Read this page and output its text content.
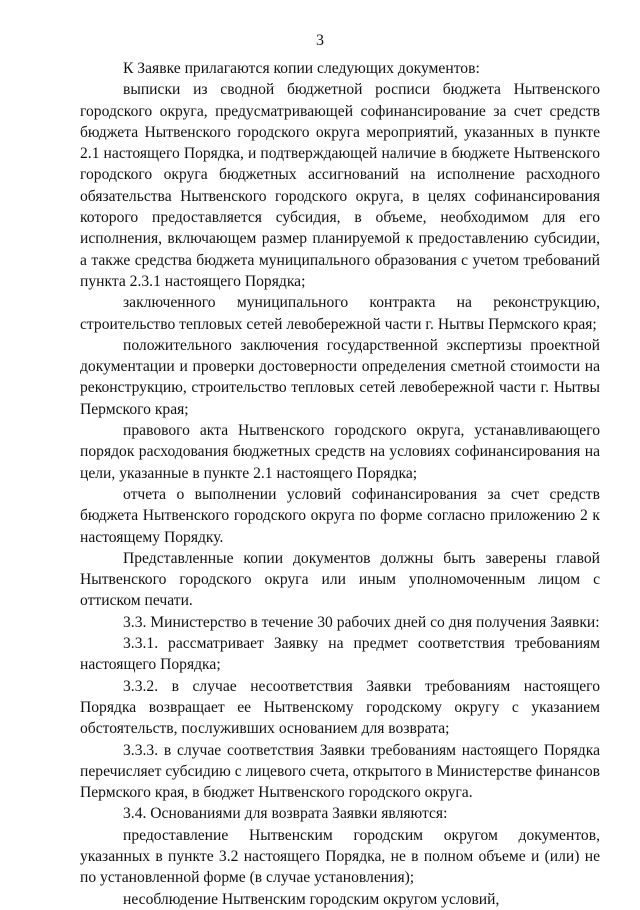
3

К Заявке прилагаются копии следующих документов:

выписки из сводной бюджетной росписи бюджета Нытвенского городского округа, предусматривающей софинансирование за счет средств бюджета Нытвенского городского округа мероприятий, указанных в пункте 2.1 настоящего Порядка, и подтверждающей наличие в бюджете Нытвенского городского округа бюджетных ассигнований на исполнение расходного обязательства Нытвенского городского округа, в целях софинансирования которого предоставляется субсидия, в объеме, необходимом для его исполнения, включающем размер планируемой к предоставлению субсидии, а также средства бюджета муниципального образования с учетом требований пункта 2.3.1 настоящего Порядка;

заключенного муниципального контракта на реконструкцию, строительство тепловых сетей левобережной части г. Нытвы Пермского края;

положительного заключения государственной экспертизы проектной документации и проверки достоверности определения сметной стоимости на реконструкцию, строительство тепловых сетей левобережной части г. Нытвы Пермского края;

правового акта Нытвенского городского округа, устанавливающего порядок расходования бюджетных средств на условиях софинансирования на цели, указанные в пункте 2.1 настоящего Порядка;

отчета о выполнении условий софинансирования за счет средств бюджета Нытвенского городского округа по форме согласно приложению 2 к настоящему Порядку.

Представленные копии документов должны быть заверены главой Нытвенского городского округа или иным уполномоченным лицом с оттиском печати.

3.3. Министерство в течение 30 рабочих дней со дня получения Заявки:

3.3.1. рассматривает Заявку на предмет соответствия требованиям настоящего Порядка;

3.3.2. в случае несоответствия Заявки требованиям настоящего Порядка возвращает ее Нытвенскому городскому округу с указанием обстоятельств, послуживших основанием для возврата;

3.3.3. в случае соответствия Заявки требованиям настоящего Порядка перечисляет субсидию с лицевого счета, открытого в Министерстве финансов Пермского края, в бюджет Нытвенского городского округа.

3.4. Основаниями для возврата Заявки являются:

предоставление Нытвенским городским округом документов, указанных в пункте 3.2 настоящего Порядка, не в полном объеме и (или) не по установленной форме (в случае установления);

несоблюдение Нытвенским городским округом условий,
